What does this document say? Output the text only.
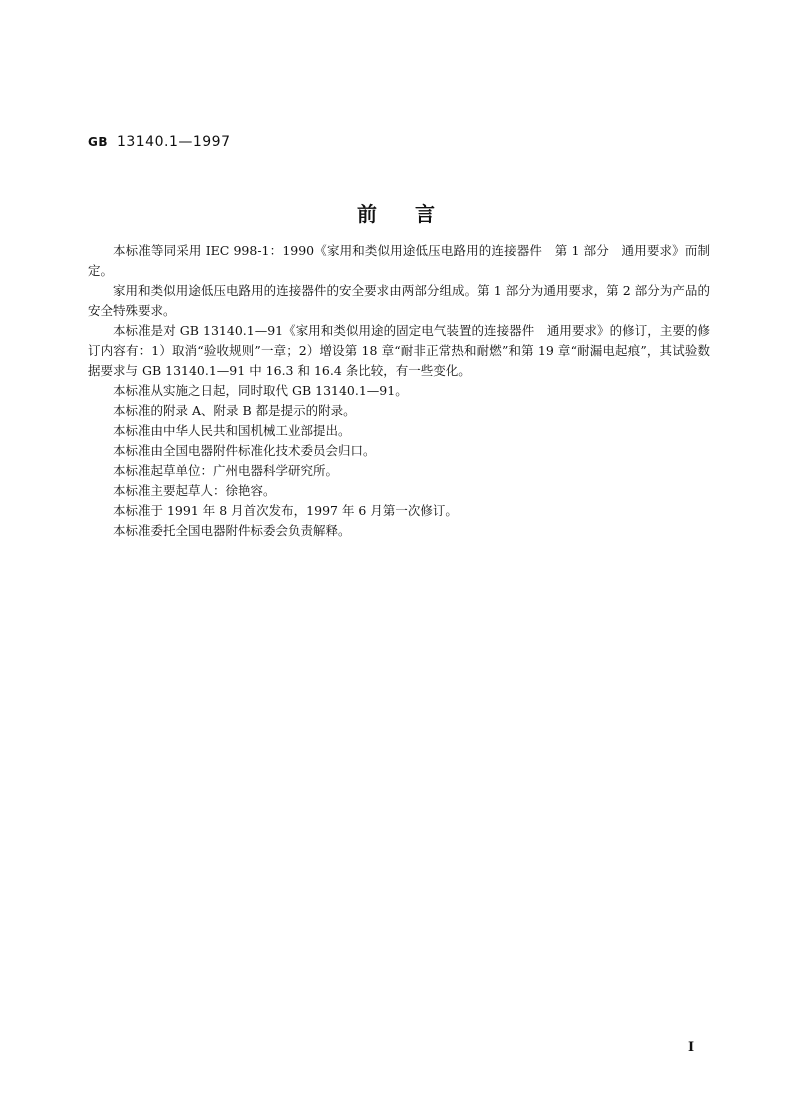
GB 13140.1—1997
前言

本标准等同采用 IEC 998-1：1990《家用和类似用途低压电路用的连接器件　第 1 部分　通用要求》而制定。

家用和类似用途低压电路用的连接器件的安全要求由两部分组成。第 1 部分为通用要求，第 2 部分为产品的安全特殊要求。

本标准是对 GB 13140.1—91《家用和类似用途的固定电气装置的连接器件　通用要求》的修订，主要的修订内容有：1）取消“验收规则”一章；2）增设第 18 章“耐非正常热和耐燃”和第 19 章“耐漏电起痕”，其试验数据要求与 GB 13140.1—91 中 16.3 和 16.4 条比较，有一些变化。

本标准从实施之日起，同时取代 GB 13140.1—91。

本标准的附录 A、附录 B 都是提示的附录。

本标准由中华人民共和国机械工业部提出。

本标准由全国电器附件标准化技术委员会归口。

本标准起草单位：广州电器科学研究所。

本标准主要起草人：徐艳容。

本标准于 1991 年 8 月首次发布，1997 年 6 月第一次修订。

本标准委托全国电器附件标委会负责解释。

I
